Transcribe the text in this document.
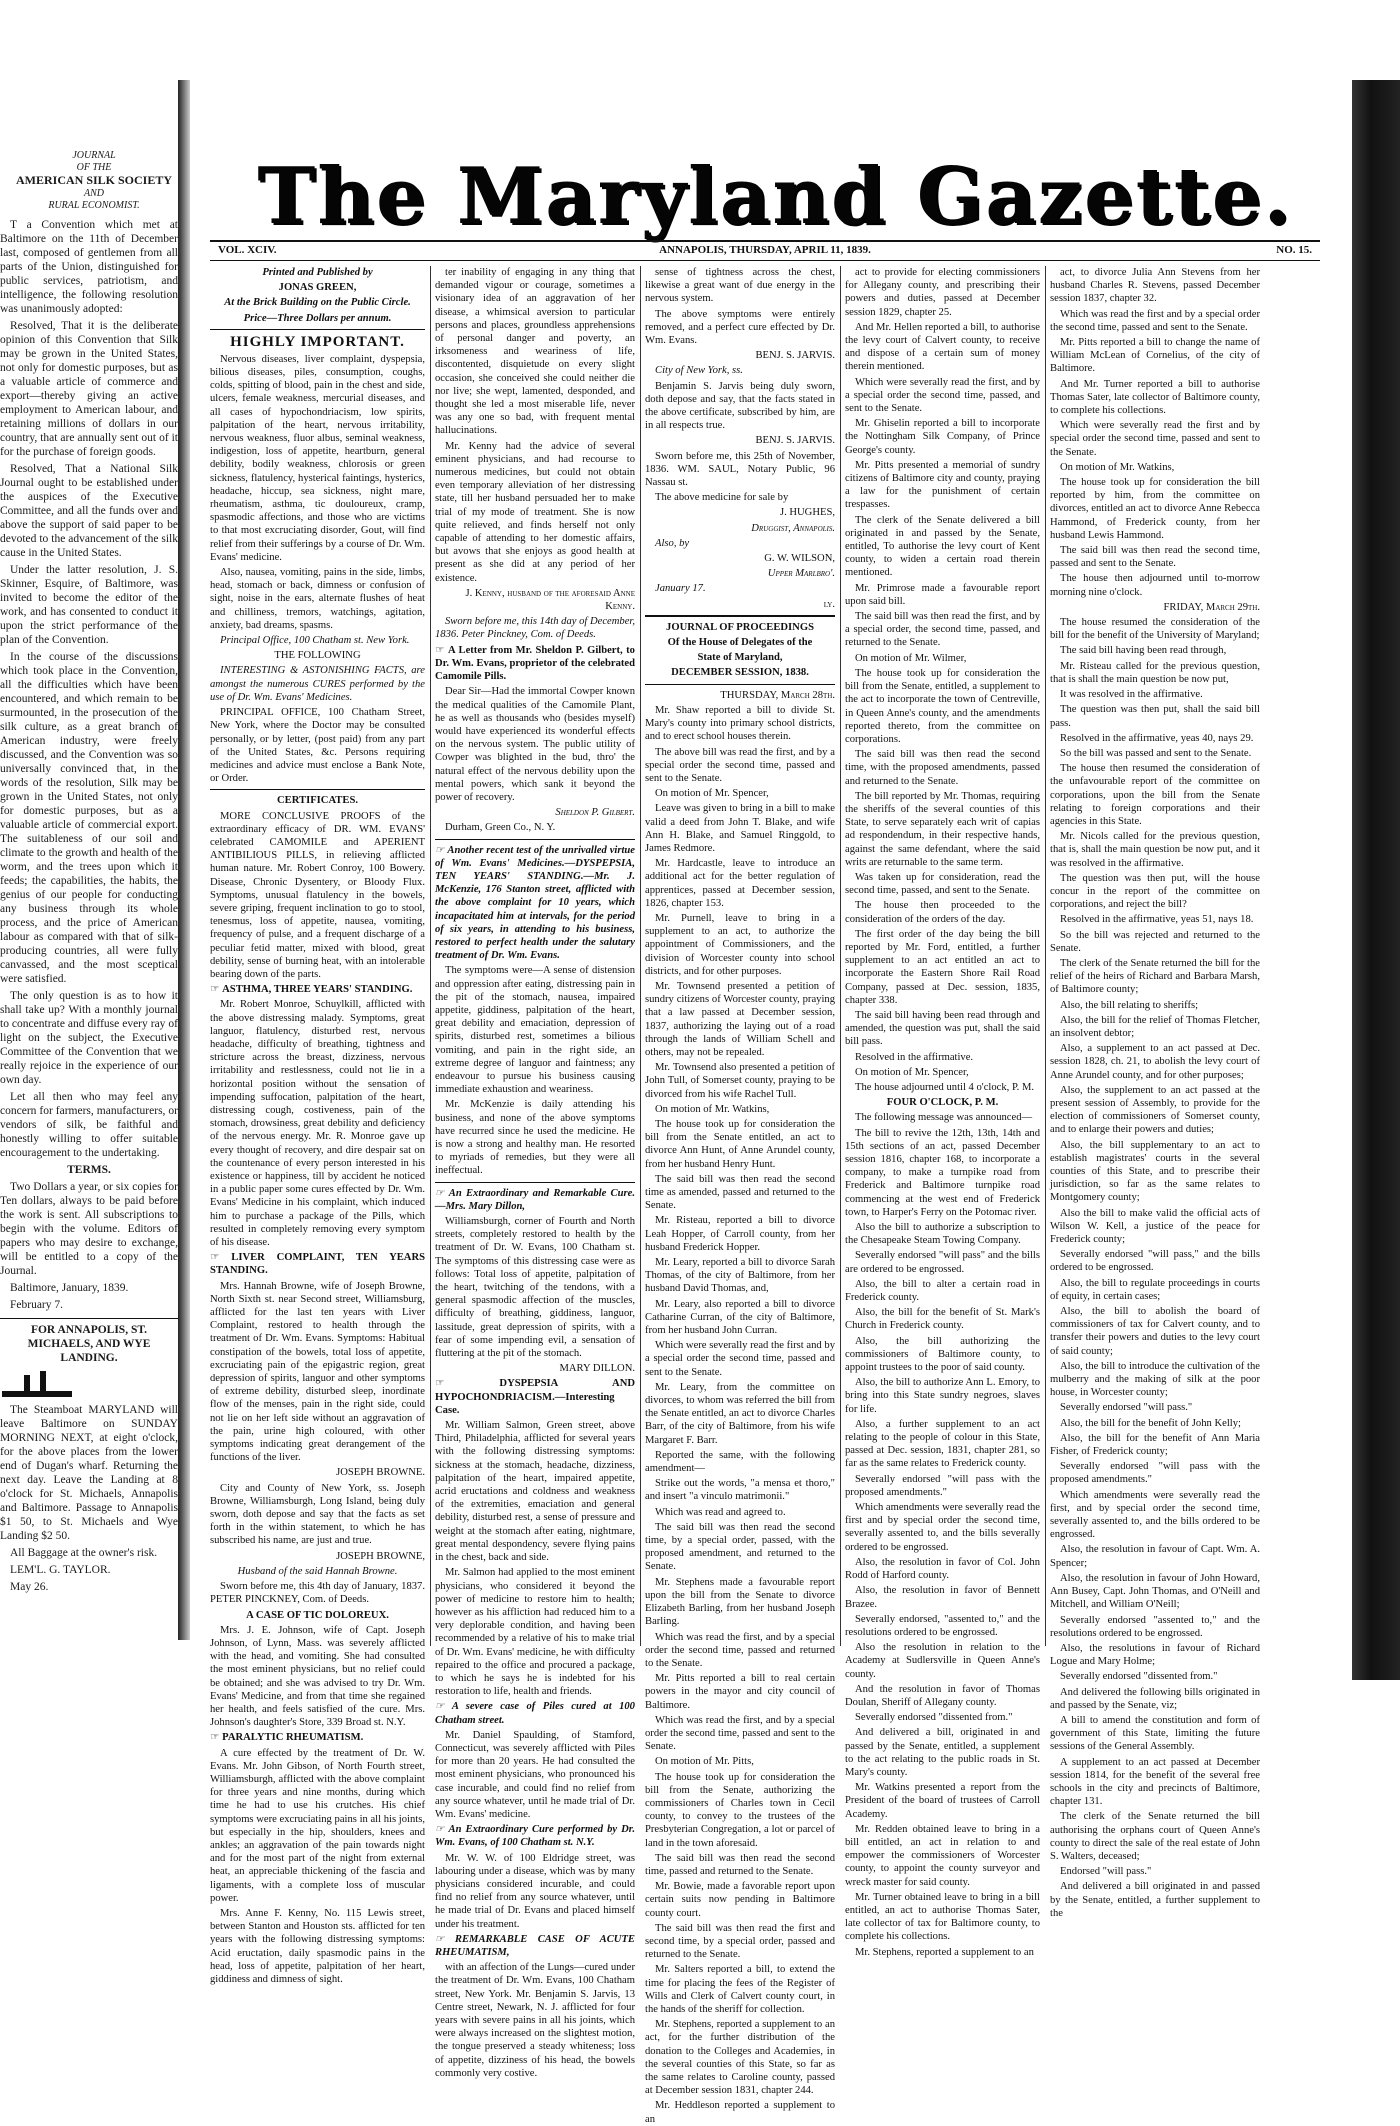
JOURNAL
OF THE
AMERICAN SILK SOCIETY
AND
RURAL ECONOMIST.

T a Convention which met at Baltimore on the 11th of December last, composed of gentlemen from all parts of the Union, distinguished for public services, patriotism, and intelligence, the following resolution was unanimously adopted:

Resolved, That it is the deliberate opinion of this Convention that Silk may be grown in the United States, not only for domestic purposes, but as a valuable article of commerce and export—thereby giving an active employment to American labour, and retaining millions of dollars in our country, that are annually sent out of it for the purchase of foreign goods.

Resolved, That a National Silk Journal ought to be established under the auspices of the Executive Committee, and all the funds over and above the support of said paper to be devoted to the advancement of the silk cause in the United States.

Under the latter resolution, J. S. Skinner, Esquire, of Baltimore, was invited to become the editor of the work, and has consented to conduct it upon the strict performance of the plan of the Convention.

In the course of the discussions which took place in the Convention, all the difficulties which have been encountered, and which remain to be surmounted, in the prosecution of the silk culture, as a great branch of American industry, were freely discussed, and the Convention was so universally convinced that, in the words of the resolution, Silk may be grown in the United States, not only for domestic purposes, but as a valuable article of commercial export. The suitableness of our soil and climate to the growth and health of the worm, and the trees upon which it feeds; the capabilities, the habits, the genius of our people for conducting any business through its whole process, and the price of American labour as compared with that of silk-producing countries, all were fully canvassed, and the most sceptical were satisfied.

The only question is as to how it shall take up? With a monthly journal to concentrate and diffuse every ray of light on the subject, the Executive Committee of the Convention that we really rejoice in the experience of our own day.

Let all then who may feel any concern for farmers, manufacturers, or vendors of silk, be faithful and honestly willing to offer suitable encouragement to the undertaking.

TERMS.

Two Dollars a year, or six copies for Ten dollars, always to be paid before the work is sent. All subscriptions to begin with the volume. Editors of papers who may desire to exchange, will be entitled to a copy of the Journal.

Baltimore, January, 1839.

February 7.

FOR ANNAPOLIS, ST. MICHAELS, AND WYE LANDING.

The Steamboat MARYLAND will leave Baltimore on SUNDAY MORNING NEXT, at eight o'clock, for the above places from the lower end of Dugan's wharf. Returning the next day. Leave the Landing at 8 o'clock for St. Michaels, Annapolis and Baltimore. Passage to Annapolis $1 50, to St. Michaels and Wye Landing $2 50.

All Baggage at the owner's risk.

LEM'L. G. TAYLOR.

May 26.

The Maryland Gazette.
VOL. XCIV.	ANNAPOLIS, THURSDAY, APRIL 11, 1839.	NO. 15.

Printed and Published by

JONAS GREEN,

At the Brick Building on the Public Circle.

Price—Three Dollars per annum.

HIGHLY IMPORTANT.

Nervous diseases, liver complaint, dyspepsia, bilious diseases, piles, consumption, coughs, colds, spitting of blood, pain in the chest and side, ulcers, female weakness, mercurial diseases, and all cases of hypochondriacism, low spirits, palpitation of the heart, nervous irritability, nervous weakness, fluor albus, seminal weakness, indigestion, loss of appetite, heartburn, general debility, bodily weakness, chlorosis or green sickness, flatulency, hysterical faintings, hysterics, headache, hiccup, sea sickness, night mare, rheumatism, asthma, tic douloureux, cramp, spasmodic affections, and those who are victims to that most excruciating disorder, Gout, will find relief from their sufferings by a course of Dr. Wm. Evans' medicine.

Also, nausea, vomiting, pains in the side, limbs, head, stomach or back, dimness or confusion of sight, noise in the ears, alternate flushes of heat and chilliness, tremors, watchings, agitation, anxiety, bad dreams, spasms.

Principal Office, 100 Chatham st. New York.

THE FOLLOWING

INTERESTING & ASTONISHING FACTS, are amongst the numerous CURES performed by the use of Dr. Wm. Evans' Medicines.

PRINCIPAL OFFICE, 100 Chatham Street, New York, where the Doctor may be consulted personally, or by letter, (post paid) from any part of the United States, &c. Persons requiring medicines and advice must enclose a Bank Note, or Order.

CERTIFICATES.

MORE CONCLUSIVE PROOFS of the extraordinary efficacy of DR. WM. EVANS' celebrated CAMOMILE and APERIENT ANTIBILIOUS PILLS, in relieving afflicted human nature. Mr. Robert Conroy, 100 Bowery. Disease, Chronic Dysentery, or Bloody Flux. Symptoms, unusual flatulency in the bowels, severe griping, frequent inclination to go to stool, tenesmus, loss of appetite, nausea, vomiting, frequency of pulse, and a frequent discharge of a peculiar fetid matter, mixed with blood, great debility, sense of burning heat, with an intolerable bearing down of the parts.

☞ ASTHMA, THREE YEARS' STANDING.

Mr. Robert Monroe, Schuylkill, afflicted with the above distressing malady. Symptoms, great languor, flatulency, disturbed rest, nervous headache, difficulty of breathing, tightness and stricture across the breast, dizziness, nervous irritability and restlessness, could not lie in a horizontal position without the sensation of impending suffocation, palpitation of the heart, distressing cough, costiveness, pain of the stomach, drowsiness, great debility and deficiency of the nervous energy. Mr. R. Monroe gave up every thought of recovery, and dire despair sat on the countenance of every person interested in his existence or happiness, till by accident he noticed in a public paper some cures effected by Dr. Wm. Evans' Medicine in his complaint, which induced him to purchase a package of the Pills, which resulted in completely removing every symptom of his disease.

☞ LIVER COMPLAINT, TEN YEARS STANDING.

Mrs. Hannah Browne, wife of Joseph Browne, North Sixth st. near Second street, Williamsburg, afflicted for the last ten years with Liver Complaint, restored to health through the treatment of Dr. Wm. Evans. Symptoms: Habitual constipation of the bowels, total loss of appetite, excruciating pain of the epigastric region, great depression of spirits, languor and other symptoms of extreme debility, disturbed sleep, inordinate flow of the menses, pain in the right side, could not lie on her left side without an aggravation of the pain, urine high coloured, with other symptoms indicating great derangement of the functions of the liver.

JOSEPH BROWNE.

City and County of New York, ss. Joseph Browne, Williamsburgh, Long Island, being duly sworn, doth depose and say that the facts as set forth in the within statement, to which he has subscribed his name, are just and true.

JOSEPH BROWNE,

Husband of the said Hannah Browne.

Sworn before me, this 4th day of January, 1837. PETER PINCKNEY, Com. of Deeds.

A CASE OF TIC DOLOREUX.

Mrs. J. E. Johnson, wife of Capt. Joseph Johnson, of Lynn, Mass. was severely afflicted with the head, and vomiting. She had consulted the most eminent physicians, but no relief could be obtained; and she was advised to try Dr. Wm. Evans' Medicine, and from that time she regained her health, and feels satisfied of the cure. Mrs. Johnson's daughter's Store, 339 Broad st. N.Y.

☞ PARALYTIC RHEUMATISM.

A cure effected by the treatment of Dr. W. Evans. Mr. John Gibson, of North Fourth street, Williamsburgh, afflicted with the above complaint for three years and nine months, during which time he had to use his crutches. His chief symptoms were excruciating pains in all his joints, but especially in the hip, shoulders, knees and ankles; an aggravation of the pain towards night and for the most part of the night from external heat, an appreciable thickening of the fascia and ligaments, with a complete loss of muscular power.

Mrs. Anne F. Kenny, No. 115 Lewis street, between Stanton and Houston sts. afflicted for ten years with the following distressing symptoms: Acid eructation, daily spasmodic pains in the head, loss of appetite, palpitation of her heart, giddiness and dimness of sight.

ter inability of engaging in any thing that demanded vigour or courage, sometimes a visionary idea of an aggravation of her disease, a whimsical aversion to particular persons and places, groundless apprehensions of personal danger and poverty, an irksomeness and weariness of life, discontented, disquietude on every slight occasion, she conceived she could neither die nor live; she wept, lamented, desponded, and thought she led a most miserable life, never was any one so bad, with frequent mental hallucinations.

Mr. Kenny had the advice of several eminent physicians, and had recourse to numerous medicines, but could not obtain even temporary alleviation of her distressing state, till her husband persuaded her to make trial of my mode of treatment. She is now quite relieved, and finds herself not only capable of attending to her domestic affairs, but avows that she enjoys as good health at present as she did at any period of her existence.

J. Kenny, husband of the aforesaid Anne Kenny.

Sworn before me, this 14th day of December, 1836. Peter Pinckney, Com. of Deeds.

☞ A Letter from Mr. Sheldon P. Gilbert, to Dr. Wm. Evans, proprietor of the celebrated Camomile Pills.

Dear Sir—Had the immortal Cowper known the medical qualities of the Camomile Plant, he as well as thousands who (besides myself) would have experienced its wonderful effects on the nervous system. The public utility of Cowper was blighted in the bud, thro' the natural effect of the nervous debility upon the mental powers, which sank it beyond the power of recovery.

Sheldon P. Gilbert.

Durham, Green Co., N. Y.

☞ Another recent test of the unrivalled virtue of Wm. Evans' Medicines.—DYSPEPSIA, TEN YEARS' STANDING.—Mr. J. McKenzie, 176 Stanton street, afflicted with the above complaint for 10 years, which incapacitated him at intervals, for the period of six years, in attending to his business, restored to perfect health under the salutary treatment of Dr. Wm. Evans.

The symptoms were—A sense of distension and oppression after eating, distressing pain in the pit of the stomach, nausea, impaired appetite, giddiness, palpitation of the heart, great debility and emaciation, depression of spirits, disturbed rest, sometimes a bilious vomiting, and pain in the right side, an extreme degree of languor and faintness; any endeavour to pursue his business causing immediate exhaustion and weariness.

Mr. McKenzie is daily attending his business, and none of the above symptoms have recurred since he used the medicine. He is now a strong and healthy man. He resorted to myriads of remedies, but they were all ineffectual.

☞ An Extraordinary and Remarkable Cure.—Mrs. Mary Dillon,

Williamsburgh, corner of Fourth and North streets, completely restored to health by the treatment of Dr. W. Evans, 100 Chatham st. The symptoms of this distressing case were as follows: Total loss of appetite, palpitation of the heart, twitching of the tendons, with a general spasmodic affection of the muscles, difficulty of breathing, giddiness, languor, lassitude, great depression of spirits, with a fear of some impending evil, a sensation of fluttering at the pit of the stomach.

MARY DILLON.

☞ DYSPEPSIA AND HYPOCHONDRIACISM.—Interesting Case.

Mr. William Salmon, Green street, above Third, Philadelphia, afflicted for several years with the following distressing symptoms: sickness at the stomach, headache, dizziness, palpitation of the heart, impaired appetite, acrid eructations and coldness and weakness of the extremities, emaciation and general debility, disturbed rest, a sense of pressure and weight at the stomach after eating, nightmare, great mental despondency, severe flying pains in the chest, back and side.

Mr. Salmon had applied to the most eminent physicians, who considered it beyond the power of medicine to restore him to health; however as his affliction had reduced him to a very deplorable condition, and having been recommended by a relative of his to make trial of Dr. Wm. Evans' medicine, he with difficulty repaired to the office and procured a package, to which he says he is indebted for his restoration to life, health and friends.

☞ A severe case of Piles cured at 100 Chatham street.

Mr. Daniel Spaulding, of Stamford, Connecticut, was severely afflicted with Piles for more than 20 years. He had consulted the most eminent physicians, who pronounced his case incurable, and could find no relief from any source whatever, until he made trial of Dr. Wm. Evans' medicine.

☞ An Extraordinary Cure performed by Dr. Wm. Evans, of 100 Chatham st. N.Y.

Mr. W. W. of 100 Eldridge street, was labouring under a disease, which was by many physicians considered incurable, and could find no relief from any source whatever, until he made trial of Dr. Evans and placed himself under his treatment.

☞ REMARKABLE CASE OF ACUTE RHEUMATISM,

with an affection of the Lungs—cured under the treatment of Dr. Wm. Evans, 100 Chatham street, New York. Mr. Benjamin S. Jarvis, 13 Centre street, Newark, N. J. afflicted for four years with severe pains in all his joints, which were always increased on the slightest motion, the tongue preserved a steady whiteness; loss of appetite, dizziness of his head, the bowels commonly very costive.

sense of tightness across the chest, likewise a great want of due energy in the nervous system.

The above symptoms were entirely removed, and a perfect cure effected by Dr. Wm. Evans.

BENJ. S. JARVIS.

City of New York, ss.

Benjamin S. Jarvis being duly sworn, doth depose and say, that the facts stated in the above certificate, subscribed by him, are in all respects true.

BENJ. S. JARVIS.

Sworn before me, this 25th of November, 1836. WM. SAUL, Notary Public, 96 Nassau st.

The above medicine for sale by

J. HUGHES,

Druggist, Annapolis.

Also, by

G. W. WILSON,

Upper Marlbro'.

January 17.

ly.

JOURNAL OF PROCEEDINGS

Of the House of Delegates of the

State of Maryland,

DECEMBER SESSION, 1838.

THURSDAY, March 28th.

Mr. Shaw reported a bill to divide St. Mary's county into primary school districts, and to erect school houses therein.

The above bill was read the first, and by a special order the second time, passed and sent to the Senate.

On motion of Mr. Spencer,

Leave was given to bring in a bill to make valid a deed from John T. Blake, and wife Ann H. Blake, and Samuel Ringgold, to James Redmore.

Mr. Hardcastle, leave to introduce an additional act for the better regulation of apprentices, passed at December session, 1826, chapter 153.

Mr. Purnell, leave to bring in a supplement to an act, to authorize the appointment of Commissioners, and the division of Worcester county into school districts, and for other purposes.

Mr. Townsend presented a petition of sundry citizens of Worcester county, praying that a law passed at December session, 1837, authorizing the laying out of a road through the lands of William Schell and others, may not be repealed.

Mr. Townsend also presented a petition of John Tull, of Somerset county, praying to be divorced from his wife Rachel Tull.

On motion of Mr. Watkins,

The house took up for consideration the bill from the Senate entitled, an act to divorce Ann Hunt, of Anne Arundel county, from her husband Henry Hunt.

The said bill was then read the second time as amended, passed and returned to the Senate.

Mr. Risteau, reported a bill to divorce Leah Hopper, of Carroll county, from her husband Frederick Hopper.

Mr. Leary, reported a bill to divorce Sarah Thomas, of the city of Baltimore, from her husband David Thomas, and,

Mr. Leary, also reported a bill to divorce Catharine Curran, of the city of Baltimore, from her husband John Curran.

Which were severally read the first and by a special order the second time, passed and sent to the Senate.

Mr. Leary, from the committee on divorces, to whom was referred the bill from the Senate entitled, an act to divorce Charles Barr, of the city of Baltimore, from his wife Margaret F. Barr.

Reported the same, with the following amendment—

Strike out the words, "a mensa et thoro," and insert "a vinculo matrimonii."

Which was read and agreed to.

The said bill was then read the second time, by a special order, passed, with the proposed amendment, and returned to the Senate.

Mr. Stephens made a favourable report upon the bill from the Senate to divorce Elizabeth Barling, from her husband Joseph Barling.

Which was read the first, and by a special order the second time, passed and returned to the Senate.

Mr. Pitts reported a bill to real certain powers in the mayor and city council of Baltimore.

Which was read the first, and by a special order the second time, passed and sent to the Senate.

On motion of Mr. Pitts,

The house took up for consideration the bill from the Senate, authorizing the commissioners of Charles town in Cecil county, to convey to the trustees of the Presbyterian Congregation, a lot or parcel of land in the town aforesaid.

The said bill was then read the second time, passed and returned to the Senate.

Mr. Bowie, made a favorable report upon certain suits now pending in Baltimore county court.

The said bill was then read the first and second time, by a special order, passed and returned to the Senate.

Mr. Salters reported a bill, to extend the time for placing the fees of the Register of Wills and Clerk of Calvert county court, in the hands of the sheriff for collection.

Mr. Stephens, reported a supplement to an act, for the further distribution of the donation to the Colleges and Academies, in the several counties of this State, so far as the same relates to Caroline county, passed at December session 1831, chapter 244.

Mr. Heddleson reported a supplement to an

act to provide for electing commissioners for Allegany county, and prescribing their powers and duties, passed at December session 1829, chapter 25.

And Mr. Hellen reported a bill, to authorise the levy court of Calvert county, to receive and dispose of a certain sum of money therein mentioned.

Which were severally read the first, and by a special order the second time, passed, and sent to the Senate.

Mr. Ghiselin reported a bill to incorporate the Nottingham Silk Company, of Prince George's county.

Mr. Pitts presented a memorial of sundry citizens of Baltimore city and county, praying a law for the punishment of certain trespasses.

The clerk of the Senate delivered a bill originated in and passed by the Senate, entitled, To authorise the levy court of Kent county, to widen a certain road therein mentioned.

Mr. Primrose made a favourable report upon said bill.

The said bill was then read the first, and by a special order, the second time, passed, and returned to the Senate.

On motion of Mr. Wilmer,

The house took up for consideration the bill from the Senate, entitled, a supplement to the act to incorporate the town of Centreville, in Queen Anne's county, and the amendments reported thereto, from the committee on corporations.

The said bill was then read the second time, with the proposed amendments, passed and returned to the Senate.

The bill reported by Mr. Thomas, requiring the sheriffs of the several counties of this State, to serve separately each writ of capias ad respondendum, in their respective hands, against the same defendant, where the said writs are returnable to the same term.

Was taken up for consideration, read the second time, passed, and sent to the Senate.

The house then proceeded to the consideration of the orders of the day.

The first order of the day being the bill reported by Mr. Ford, entitled, a further supplement to an act entitled an act to incorporate the Eastern Shore Rail Road Company, passed at Dec. session, 1835, chapter 338.

The said bill having been read through and amended, the question was put, shall the said bill pass.

Resolved in the affirmative.

On motion of Mr. Spencer,

The house adjourned until 4 o'clock, P. M.

FOUR O'CLOCK, P. M.

The following message was announced—

The bill to revive the 12th, 13th, 14th and 15th sections of an act, passed December session 1816, chapter 168, to incorporate a company, to make a turnpike road from Frederick and Baltimore turnpike road commencing at the west end of Frederick town, to Harper's Ferry on the Potomac river.

Also the bill to authorize a subscription to the Chesapeake Steam Towing Company.

Severally endorsed "will pass" and the bills are ordered to be engrossed.

Also, the bill to alter a certain road in Frederick county.

Also, the bill for the benefit of St. Mark's Church in Frederick county.

Also, the bill authorizing the commissioners of Baltimore county, to appoint trustees to the poor of said county.

Also, the bill to authorize Ann L. Emory, to bring into this State sundry negroes, slaves for life.

Also, a further supplement to an act relating to the people of colour in this State, passed at Dec. session, 1831, chapter 281, so far as the same relates to Frederick county.

Severally endorsed "will pass with the proposed amendments."

Which amendments were severally read the first and by special order the second time, severally assented to, and the bills severally ordered to be engrossed.

Also, the resolution in favor of Col. John Rodd of Harford county.

Also, the resolution in favor of Bennett Brazee.

Severally endorsed, "assented to," and the resolutions ordered to be engrossed.

Also the resolution in relation to the Academy at Sudlersville in Queen Anne's county.

And the resolution in favor of Thomas Doulan, Sheriff of Allegany county.

Severally endorsed "dissented from."

And delivered a bill, originated in and passed by the Senate, entitled, a supplement to the act relating to the public roads in St. Mary's county.

Mr. Watkins presented a report from the President of the board of trustees of Carroll Academy.

Mr. Redden obtained leave to bring in a bill entitled, an act in relation to and empower the commissioners of Worcester county, to appoint the county surveyor and wreck master for said county.

Mr. Turner obtained leave to bring in a bill entitled, an act to authorise Thomas Sater, late collector of tax for Baltimore county, to complete his collections.

Mr. Stephens, reported a supplement to an

act, to divorce Julia Ann Stevens from her husband Charles R. Stevens, passed December session 1837, chapter 32.

Which was read the first and by a special order the second time, passed and sent to the Senate.

Mr. Pitts reported a bill to change the name of William McLean of Cornelius, of the city of Baltimore.

And Mr. Turner reported a bill to authorise Thomas Sater, late collector of Baltimore county, to complete his collections.

Which were severally read the first and by special order the second time, passed and sent to the Senate.

On motion of Mr. Watkins,

The house took up for consideration the bill reported by him, from the committee on divorces, entitled an act to divorce Anne Rebecca Hammond, of Frederick county, from her husband Lewis Hammond.

The said bill was then read the second time, passed and sent to the Senate.

The house then adjourned until to-morrow morning nine o'clock.

FRIDAY, March 29th.

The house resumed the consideration of the bill for the benefit of the University of Maryland;

The said bill having been read through,

Mr. Risteau called for the previous question, that is shall the main question be now put,

It was resolved in the affirmative.

The question was then put, shall the said bill pass.

Resolved in the affirmative, yeas 40, nays 29.

So the bill was passed and sent to the Senate.

The house then resumed the consideration of the unfavourable report of the committee on corporations, upon the bill from the Senate relating to foreign corporations and their agencies in this State.

Mr. Nicols called for the previous question, that is, shall the main question be now put, and it was resolved in the affirmative.

The question was then put, will the house concur in the report of the committee on corporations, and reject the bill?

Resolved in the affirmative, yeas 51, nays 18.

So the bill was rejected and returned to the Senate.

The clerk of the Senate returned the bill for the relief of the heirs of Richard and Barbara Marsh, of Baltimore county;

Also, the bill relating to sheriffs;

Also, the bill for the relief of Thomas Fletcher, an insolvent debtor;

Also, a supplement to an act passed at Dec. session 1828, ch. 21, to abolish the levy court of Anne Arundel county, and for other purposes;

Also, the supplement to an act passed at the present session of Assembly, to provide for the election of commissioners of Somerset county, and to enlarge their powers and duties;

Also, the bill supplementary to an act to establish magistrates' courts in the several counties of this State, and to prescribe their jurisdiction, so far as the same relates to Montgomery county;

Also the bill to make valid the official acts of Wilson W. Kell, a justice of the peace for Frederick county;

Severally endorsed "will pass," and the bills ordered to be engrossed.

Also, the bill to regulate proceedings in courts of equity, in certain cases;

Also, the bill to abolish the board of commissioners of tax for Calvert county, and to transfer their powers and duties to the levy court of said county;

Also, the bill to introduce the cultivation of the mulberry and the making of silk at the poor house, in Worcester county;

Severally endorsed "will pass."

Also, the bill for the benefit of John Kelly;

Also, the bill for the benefit of Ann Maria Fisher, of Frederick county;

Severally endorsed "will pass with the proposed amendments."

Which amendments were severally read the first, and by special order the second time, severally assented to, and the bills ordered to be engrossed.

Also, the resolution in favour of Capt. Wm. A. Spencer;

Also, the resolution in favour of John Howard, Ann Busey, Capt. John Thomas, and O'Neill and Mitchell, and William O'Neill;

Severally endorsed "assented to," and the resolutions ordered to be engrossed.

Also, the resolutions in favour of Richard Logue and Mary Holme;

Severally endorsed "dissented from."

And delivered the following bills originated in and passed by the Senate, viz;

A bill to amend the constitution and form of government of this State, limiting the future sessions of the General Assembly.

A supplement to an act passed at December session 1814, for the benefit of the several free schools in the city and precincts of Baltimore, chapter 131.

The clerk of the Senate returned the bill authorising the orphans court of Queen Anne's county to direct the sale of the real estate of John S. Walters, deceased;

Endorsed "will pass."

And delivered a bill originated in and passed by the Senate, entitled, a further supplement to the
